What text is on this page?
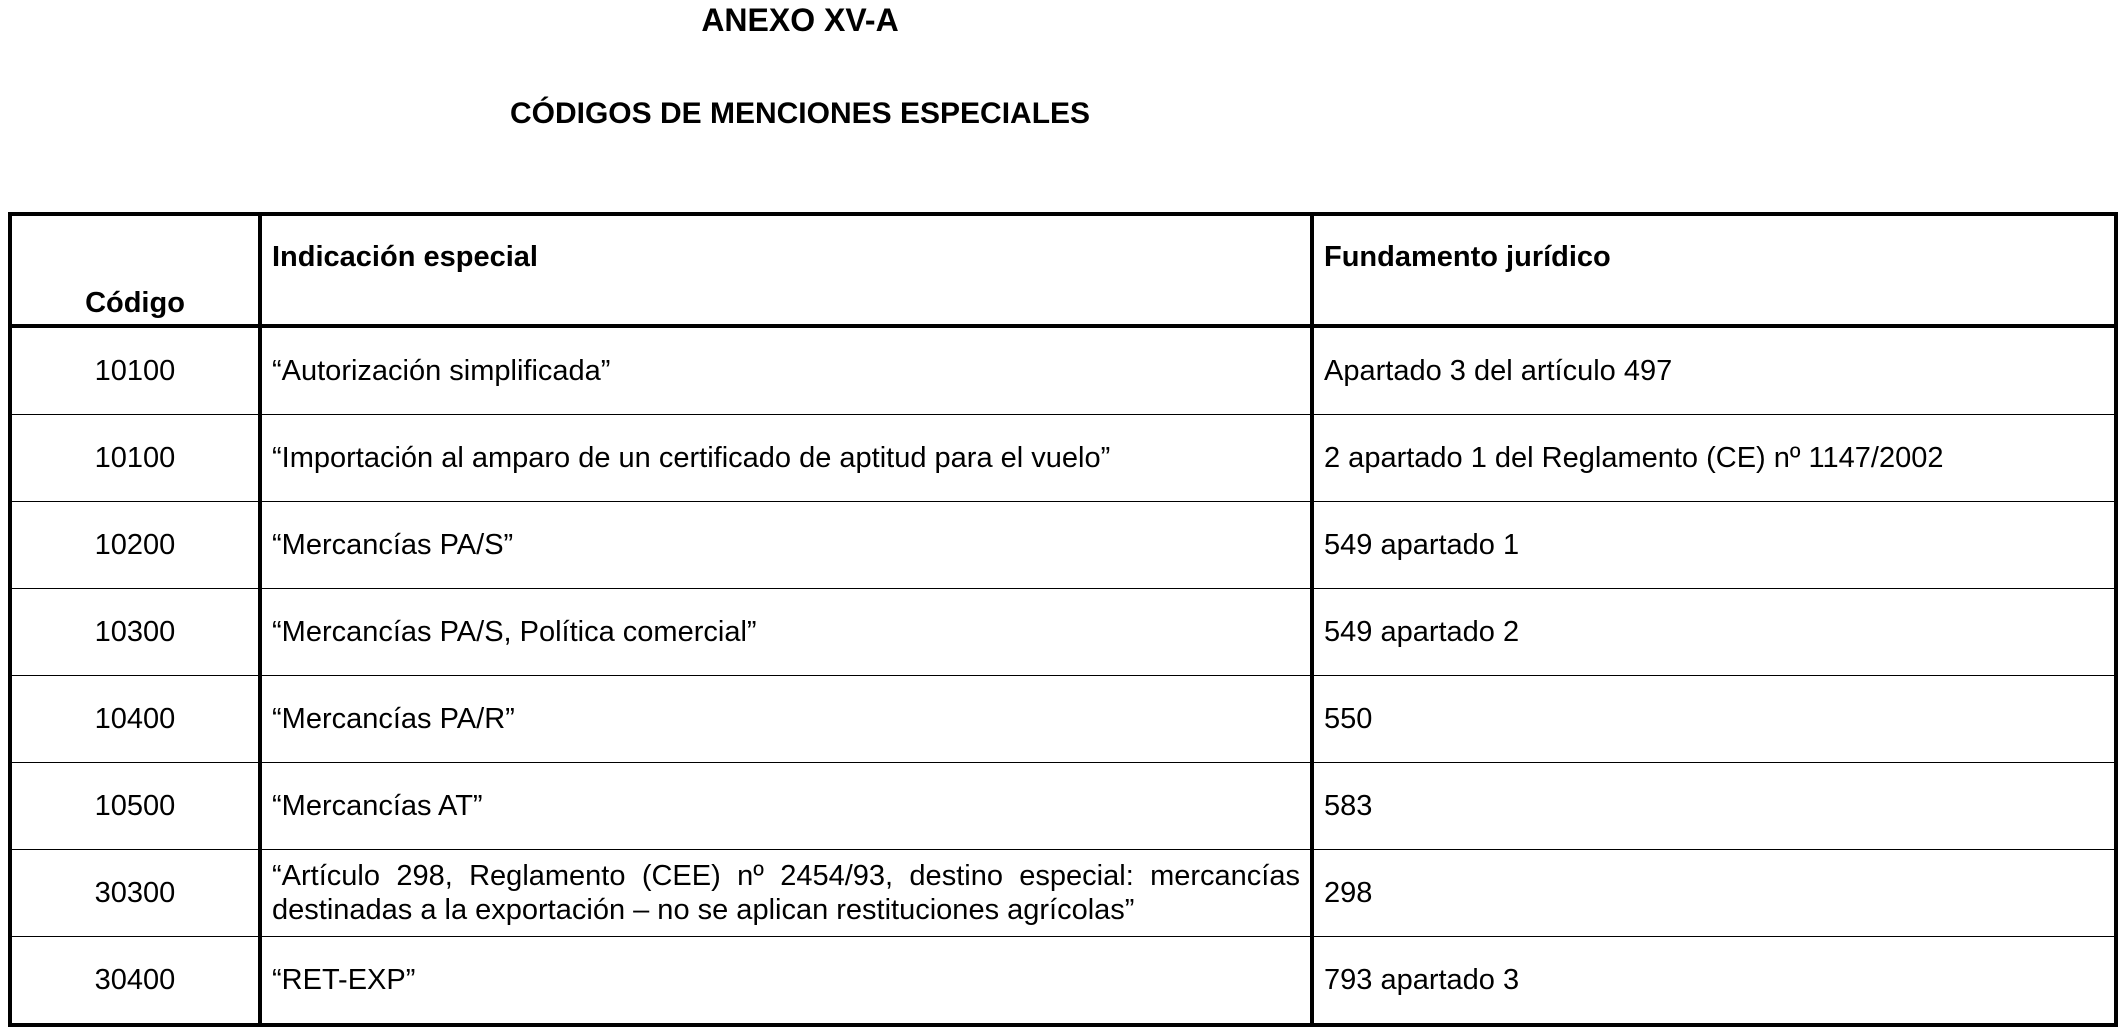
ANEXO XV-A
CÓDIGOS DE MENCIONES ESPECIALES
Código	Indicación especial	Fundamento jurídico
10100	“Autorización simplificada”	Apartado 3 del artículo 497
10100	“Importación al amparo de un certificado de aptitud para el vuelo”	2 apartado 1 del Reglamento (CE) nº 1147/2002
10200	“Mercancías PA/S”	549 apartado 1
10300	“Mercancías PA/S, Política comercial”	549 apartado 2
10400	“Mercancías PA/R”	550
10500	“Mercancías AT”	583
30300	“Artículo 298, Reglamento (CEE) nº 2454/93, destino especial: mercancías destinadas a la exportación – no se aplican restituciones agrícolas”	298
30400	“RET-EXP”	793 apartado 3
